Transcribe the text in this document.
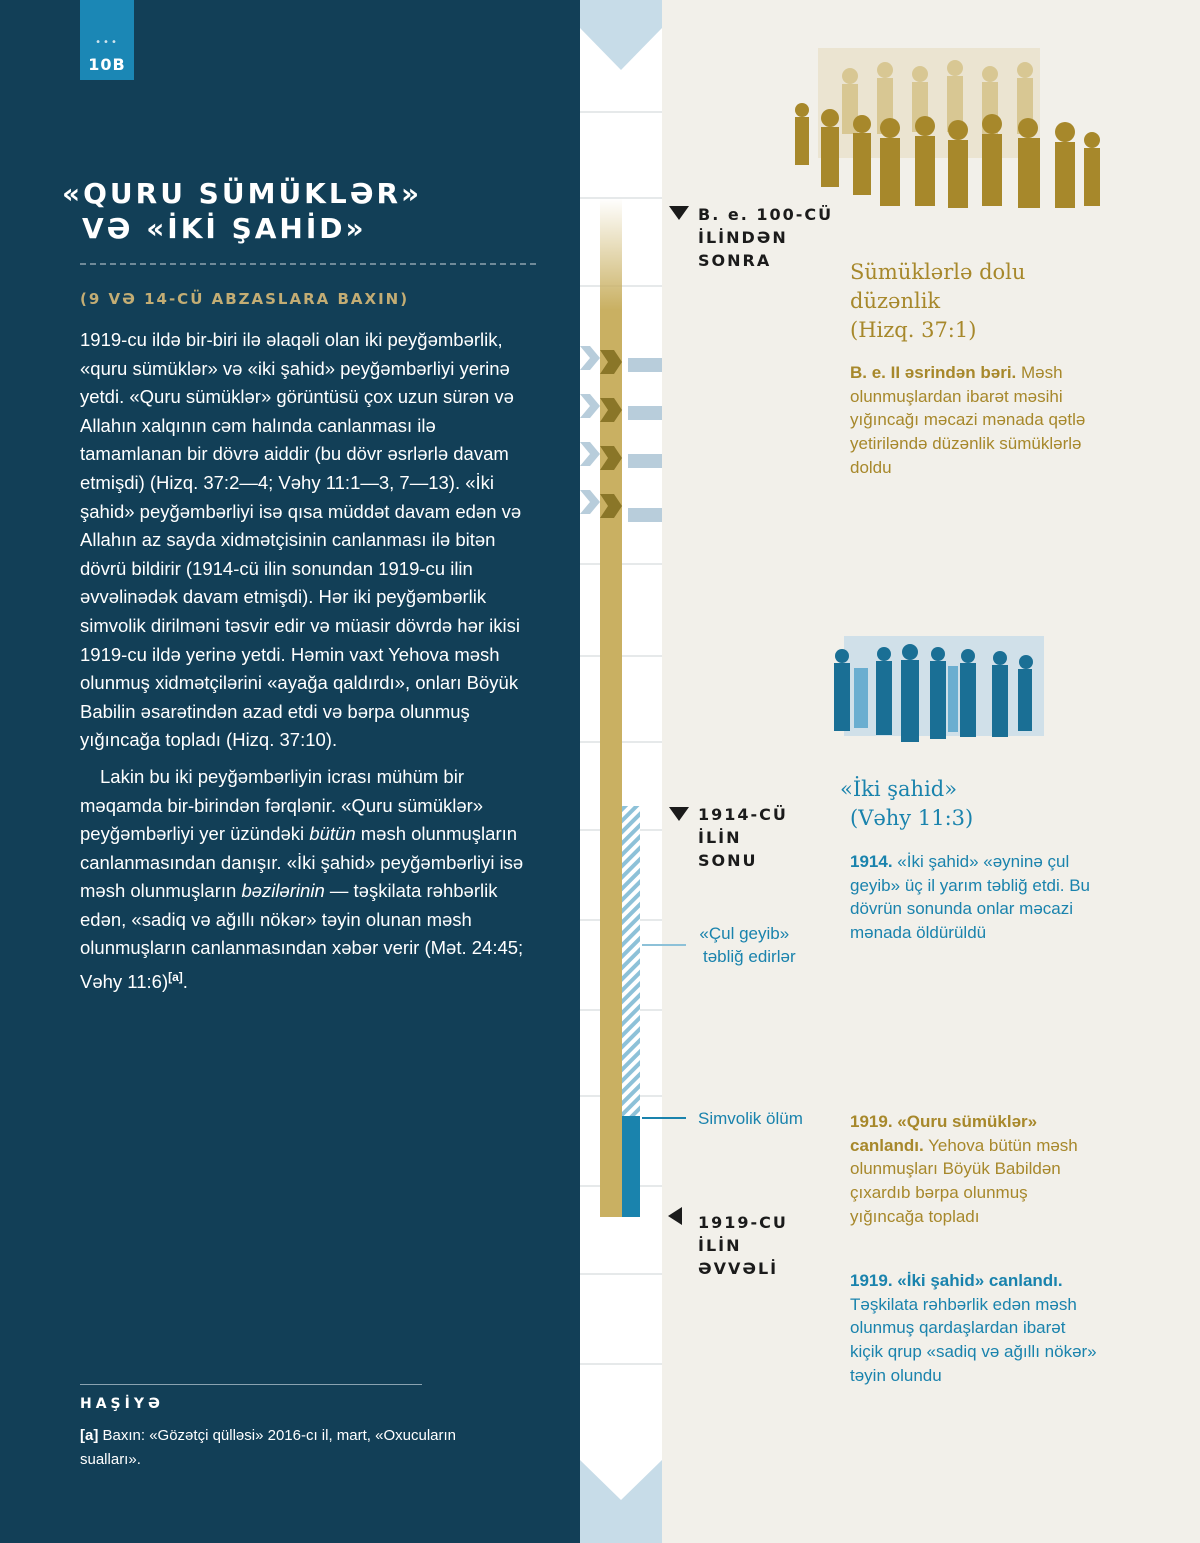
•••
10B
«QURU SÜMÜKLƏR»
VƏ «İKİ ŞAHİD»
(9 VƏ 14-CÜ ABZASLARA BAXIN)

1919-cu ildə bir-biri ilə əlaqəli olan iki peyğəmbərlik, «quru sümüklər» və «iki şahid» peyğəmbərliyi yerinə yetdi. «Quru sümüklər» görüntüsü çox uzun sürən və Allahın xalqının cəm halında canlanması ilə tamamlanan bir dövrə aiddir (bu dövr əsrlərlə davam etmişdi) (Hizq. 37:2—4; Vəhy 11:1—3, 7—13). «İki şahid» peyğəmbərliyi isə qısa müddət davam edən və Allahın az sayda xidmətçisinin canlanması ilə bitən dövrü bildirir (1914-cü ilin sonundan 1919-cu ilin əvvəlinədək davam etmişdi). Hər iki peyğəmbərlik simvolik dirilməni təsvir edir və müasir dövrdə hər ikisi 1919-cu ildə yerinə yetdi. Həmin vaxt Yehova məsh olunmuş xidmətçilərini «ayağa qaldırdı», onları Böyük Babilin əsarətindən azad etdi və bərpa olunmuş yığıncağa topladı (Hizq. 37:10).

Lakin bu iki peyğəmbərliyin icrası mühüm bir məqamda bir-birindən fərqlənir. «Quru sümüklər» peyğəmbərliyi yer üzündəki bütün məsh olunmuşların canlanmasından danışır. «İki şahid» peyğəmbərliyi isə məsh olunmuşların bəzilərinin — təşkilata rəhbərlik edən, «sadiq və ağıllı nökər» təyin olunan məsh olunmuşların canlanmasından xəbər verir (Mət. 24:45; Vəhy 11:6)[a].

HAŞİYƏ
[a] Baxın: «Gözətçi qülləsi» 2016-cı il, mart, «Oxucuların sualları».
B. e. 100-CÜ
İLİNDƏN
SONRA
1914-CÜ
İLİN
SONU
1919-CU
İLİN
ƏVVƏLİ
«Çul geyib»
təbliğ edirlər
Simvolik ölüm
Sümüklərlə dolu
düzənlik
(Hizq. 37:1)
B. e. II əsrindən bəri. Məsh olunmuşlardan ibarət məsihi yığıncağı məcazi mənada qətlə yetiriləndə düzənlik sümüklərlə doldu
«İki şahid»
(Vəhy 11:3)
1914. «İki şahid» «əyninə çul geyib» üç il yarım təbliğ etdi. Bu dövrün sonunda onlar məcazi mənada öldürüldü
1919. «Quru sümüklər» canlandı. Yehova bütün məsh olunmuşları Böyük Babildən çıxardıb bərpa olunmuş yığıncağa topladı
1919. «İki şahid» canlandı. Təşkilata rəhbərlik edən məsh olunmuş qardaşlardan ibarət kiçik qrup «sadiq və ağıllı nökər» təyin olundu
